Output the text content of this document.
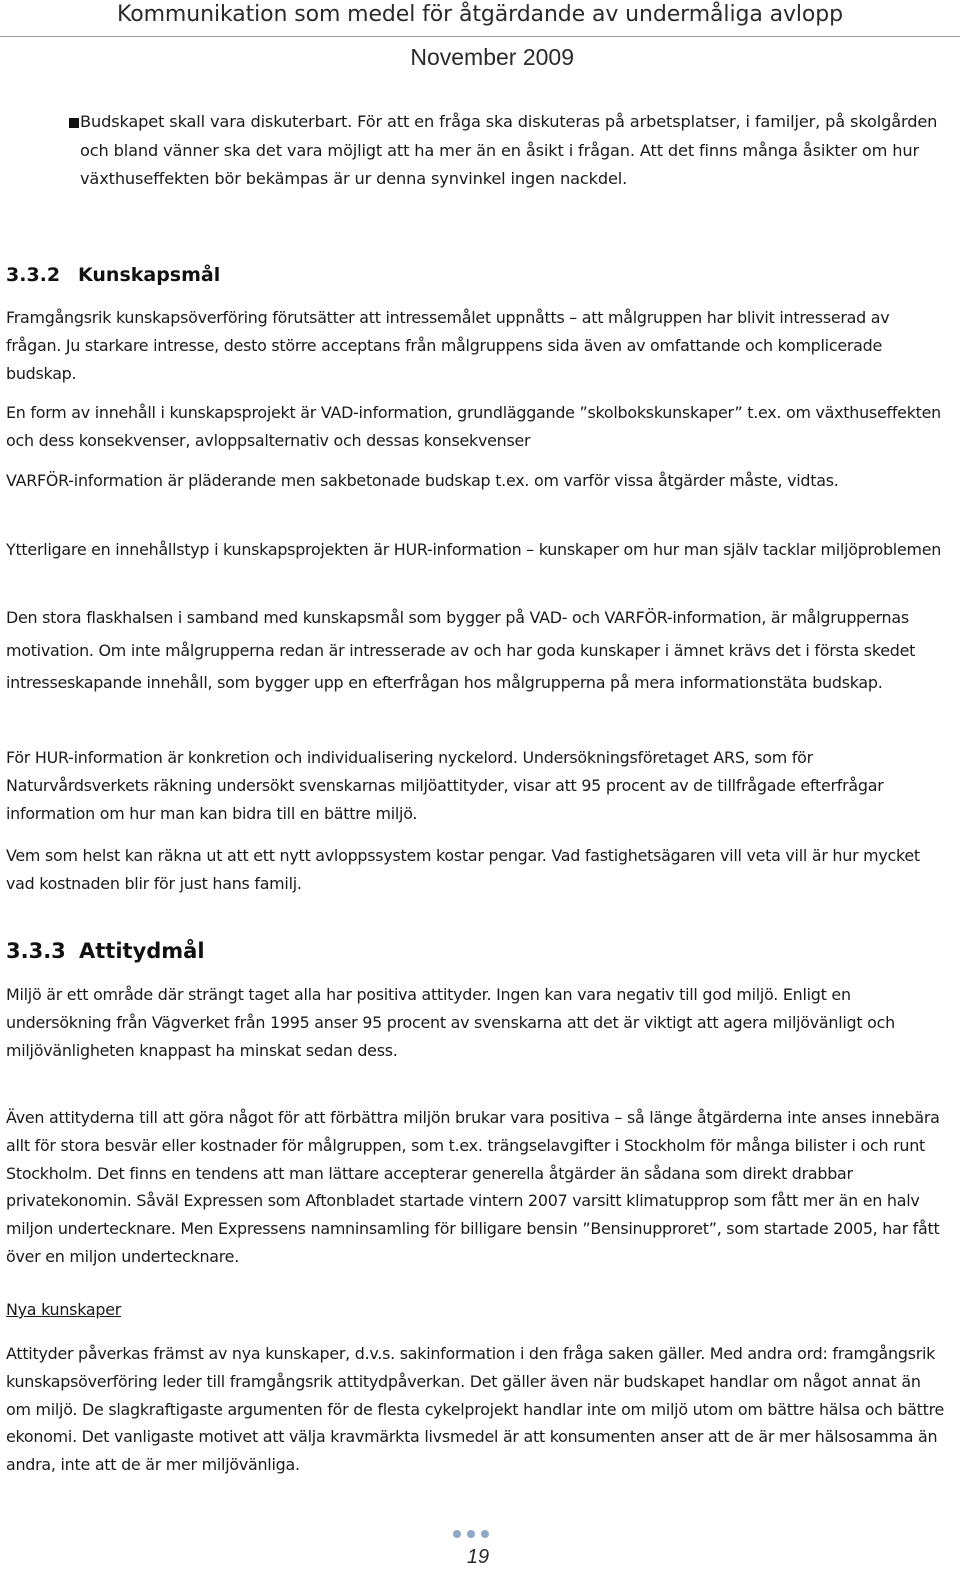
Kommunikation som medel för åtgärdande av undermåliga avlopp
November 2009
Budskapet skall vara diskuterbart. För att en fråga ska diskuteras på arbetsplatser, i familjer, på skolgården och bland vänner ska det vara möjligt att ha mer än en åsikt i frågan. Att det finns många åsikter om hur växthuseffekten bör bekämpas är ur denna synvinkel ingen nackdel.
3.3.2 Kunskapsmål

Framgångsrik kunskapsöverföring förutsätter att intressemålet uppnåtts – att målgruppen har blivit intresserad av frågan. Ju starkare intresse, desto större acceptans från målgruppens sida även av omfattande och komplicerade budskap.

En form av innehåll i kunskapsprojekt är VAD-information, grundläggande ”skolbokskunskaper” t.ex. om växthuseffekten och dess konsekvenser, avloppsalternativ och dessas konsekvenser

VARFÖR-information är pläderande men sakbetonade budskap t.ex. om varför vissa åtgärder måste, vidtas.

Ytterligare en innehållstyp i kunskapsprojekten är HUR-information – kunskaper om hur man själv tacklar miljöproblemen

Den stora flaskhalsen i samband med kunskapsmål som bygger på VAD- och VARFÖR-information, är målgruppernas motivation. Om inte målgrupperna redan är intresserade av och har goda kunskaper i ämnet krävs det i första skedet intresseskapande innehåll, som bygger upp en efterfrågan hos målgrupperna på mera informationstäta budskap.

För HUR-information är konkretion och individualisering nyckelord. Undersökningsföretaget ARS, som för Naturvårdsverkets räkning undersökt svenskarnas miljöattityder, visar att 95 procent av de tillfrågade efterfrågar information om hur man kan bidra till en bättre miljö.

Vem som helst kan räkna ut att ett nytt avloppssystem kostar pengar. Vad fastighetsägaren vill veta vill är hur mycket vad kostnaden blir för just hans familj.

3.3.3 Attitydmål

Miljö är ett område där strängt taget alla har positiva attityder. Ingen kan vara negativ till god miljö. Enligt en undersökning från Vägverket från 1995 anser 95 procent av svenskarna att det är viktigt att agera miljövänligt och miljövänligheten knappast ha minskat sedan dess.

Även attityderna till att göra något för att förbättra miljön brukar vara positiva – så länge åtgärderna inte anses innebära allt för stora besvär eller kostnader för målgruppen, som t.ex. trängselavgifter i Stockholm för många bilister i och runt Stockholm. Det finns en tendens att man lättare accepterar generella åtgärder än sådana som direkt drabbar privatekonomin. Såväl Expressen som Aftonbladet startade vintern 2007 varsitt klimatupprop som fått mer än en halv miljon undertecknare. Men Expressens namninsamling för billigare bensin ”Bensinupproret”, som startade 2005, har fått över en miljon undertecknare.

Nya kunskaper

Attityder påverkas främst av nya kunskaper, d.v.s. sakinformation i den fråga saken gäller. Med andra ord: framgångsrik kunskapsöverföring leder till framgångsrik attitydpåverkan. Det gäller även när budskapet handlar om något annat än om miljö. De slagkraftigaste argumenten för de flesta cykelprojekt handlar inte om miljö utom om bättre hälsa och bättre ekonomi. Det vanligaste motivet att välja kravmärkta livsmedel är att konsumenten anser att de är mer hälsosamma än andra, inte att de är mer miljövänliga.

19
